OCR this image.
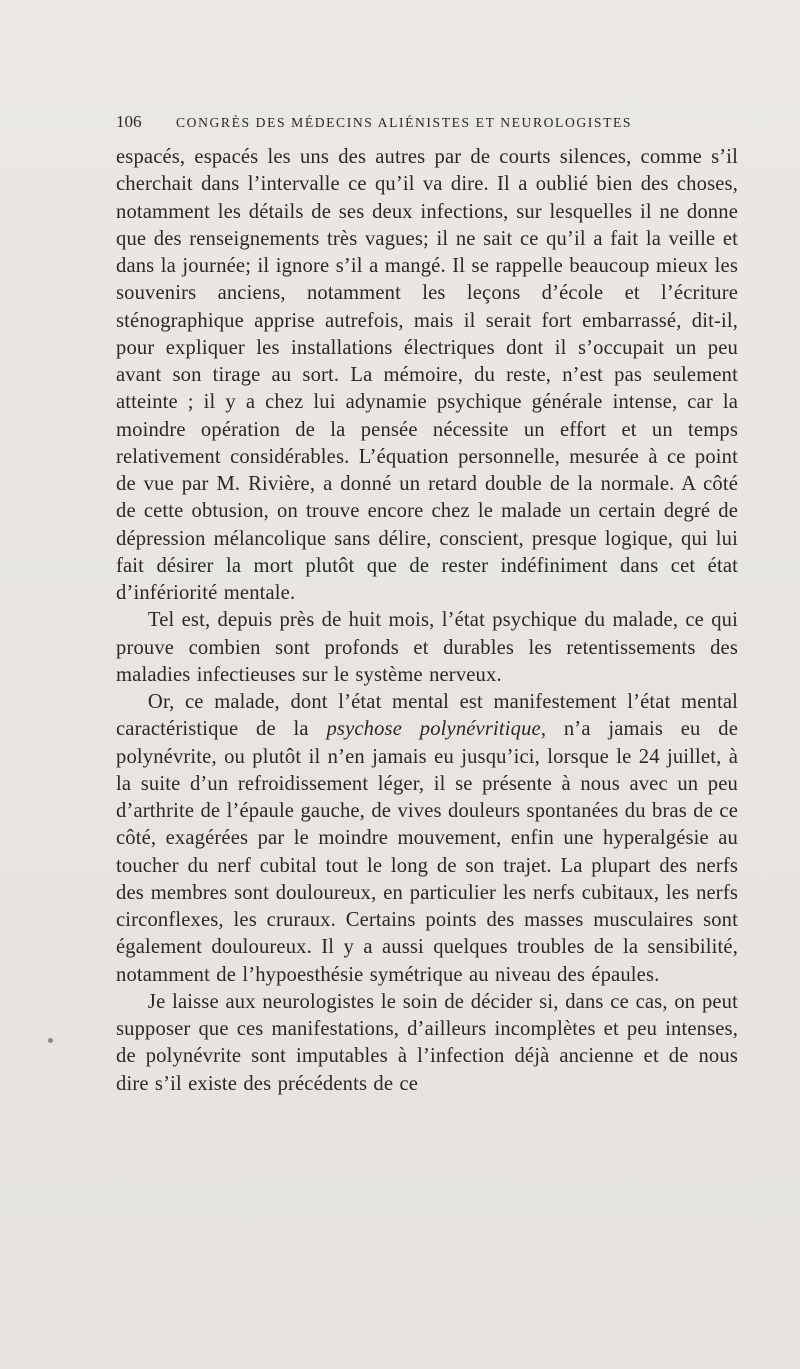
106	CONGRÈS DES MÉDECINS ALIÉNISTES ET NEUROLOGISTES

espacés, espacés les uns des autres par de courts silences, comme s’il cherchait dans l’intervalle ce qu’il va dire. Il a oublié bien des choses, notamment les détails de ses deux infections, sur lesquelles il ne donne que des renseignements très vagues; il ne sait ce qu’il a fait la veille et dans la journée; il ignore s’il a mangé. Il se rappelle beaucoup mieux les souvenirs anciens, notamment les leçons d’école et l’écriture sténographique apprise autrefois, mais il serait fort embarrassé, dit-il, pour expliquer les installations électriques dont il s’occupait un peu avant son tirage au sort. La mémoire, du reste, n’est pas seulement atteinte ; il y a chez lui adynamie psychique générale intense, car la moindre opération de la pensée nécessite un effort et un temps relativement considérables. L’équation personnelle, mesurée à ce point de vue par M. Rivière, a donné un retard double de la normale. A côté de cette obtusion, on trouve encore chez le malade un certain degré de dépression mélancolique sans délire, conscient, presque logique, qui lui fait désirer la mort plutôt que de rester indéfiniment dans cet état d’infériorité mentale.

Tel est, depuis près de huit mois, l’état psychique du malade, ce qui prouve combien sont profonds et durables les retentissements des maladies infectieuses sur le système nerveux.

Or, ce malade, dont l’état mental est manifestement l’état mental caractéristique de la psychose polynévritique, n’a jamais eu de polynévrite, ou plutôt il n’en jamais eu jusqu’ici, lorsque le 24 juillet, à la suite d’un refroidissement léger, il se présente à nous avec un peu d’arthrite de l’épaule gauche, de vives douleurs spontanées du bras de ce côté, exagérées par le moindre mouvement, enfin une hyperalgésie au toucher du nerf cubital tout le long de son trajet. La plupart des nerfs des membres sont douloureux, en particulier les nerfs cubitaux, les nerfs circonflexes, les cruraux. Certains points des masses musculaires sont également douloureux. Il y a aussi quelques troubles de la sensibilité, notamment de l’hypoesthésie symétrique au niveau des épaules.

Je laisse aux neurologistes le soin de décider si, dans ce cas, on peut supposer que ces manifestations, d’ailleurs incomplètes et peu intenses, de polynévrite sont imputables à l’infection déjà ancienne et de nous dire s’il existe des précédents de ce
